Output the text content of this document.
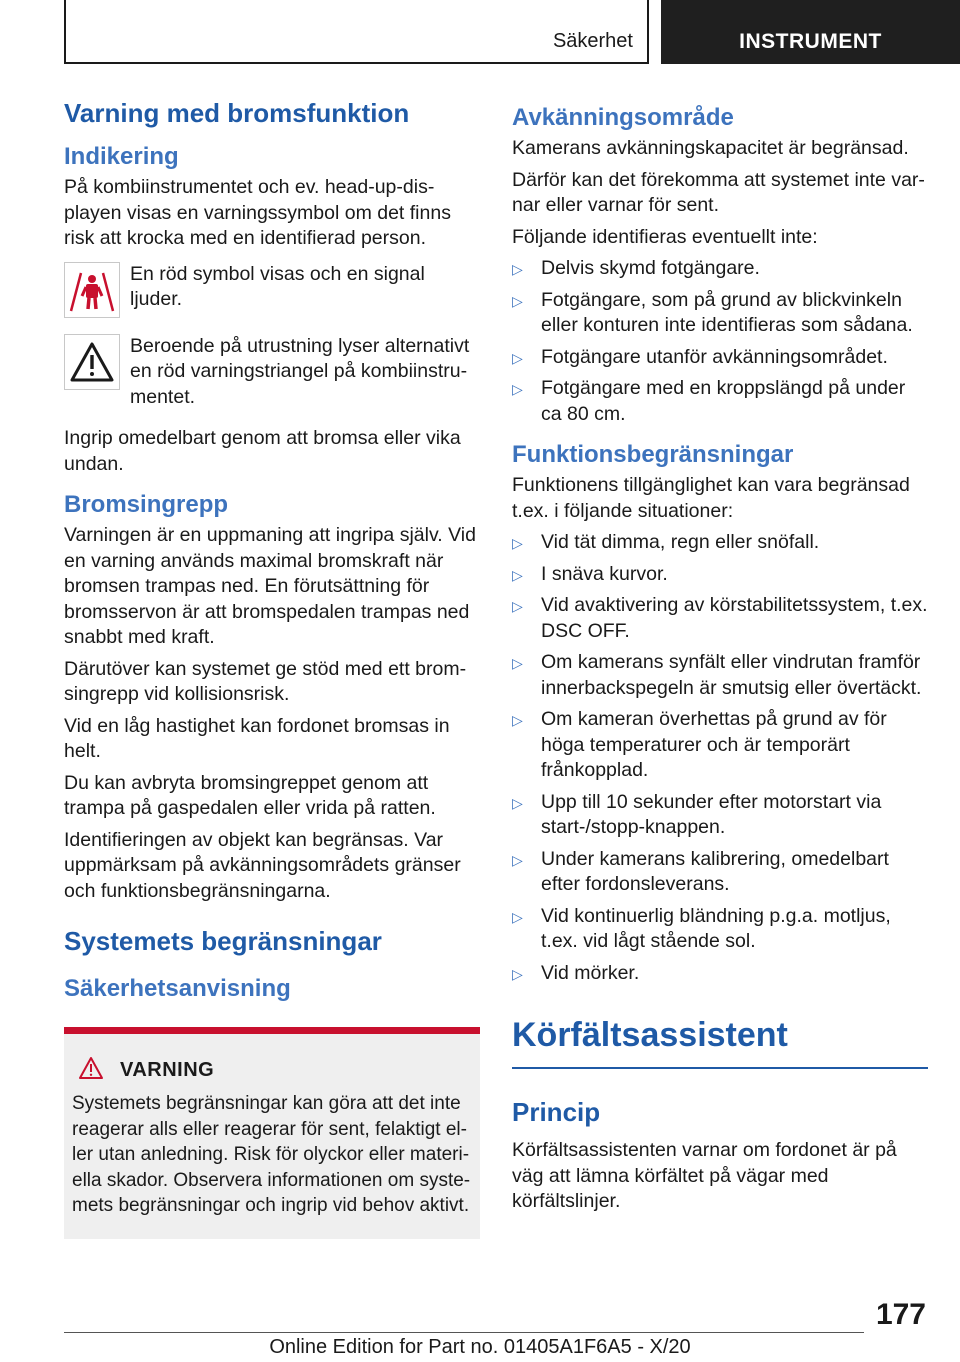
Säkerhet	INSTRUMENT
Varning med bromsfunktion
Indikering

På kombiinstrumentet och ev. head-up-displayen visas en varningssymbol om det finns risk att krocka med en identifierad person.

En röd symbol visas och en signal ljuder.

Beroende på utrustning lyser alternativt en röd varningstriangel på kombiinstrumentet.

Ingrip omedelbart genom att bromsa eller vika undan.

Bromsingrepp

Varningen är en uppmaning att ingripa själv. Vid en varning används maximal bromskraft när bromsen trampas ned. En förutsättning för bromsservon är att bromspedalen trampas ned snabbt med kraft.

Därutöver kan systemet ge stöd med ett bromsingrepp vid kollisionsrisk.

Vid en låg hastighet kan fordonet bromsas in helt.

Du kan avbryta bromsingreppet genom att trampa på gaspedalen eller vrida på ratten.

Identifieringen av objekt kan begränsas. Var uppmärksam på avkänningsområdets gränser och funktionsbegränsningarna.

Systemets begränsningar
Säkerhetsanvisning
VARNING

Systemets begränsningar kan göra att det inte reagerar alls eller reagerar för sent, felaktigt eller utan anledning. Risk för olyckor eller materiella skador. Observera informationen om systemets begränsningar och ingrip vid behov aktivt.

Avkänningsområde

Kamerans avkänningskapacitet är begränsad.

Därför kan det förekomma att systemet inte varnar eller varnar för sent.

Följande identifieras eventuellt inte:

▷ Delvis skymd fotgängare.
▷ Fotgängare, som på grund av blickvinkeln eller konturen inte identifieras som sådana.
▷ Fotgängare utanför avkänningsområdet.
▷ Fotgängare med en kroppslängd på under ca 80 cm.
Funktionsbegränsningar

Funktionens tillgänglighet kan vara begränsad t.ex. i följande situationer:

▷ Vid tät dimma, regn eller snöfall.
▷ I snäva kurvor.
▷ Vid avaktivering av körstabilitetssystem, t.ex. DSC OFF.
▷ Om kamerans synfält eller vindrutan framför innerbackspegeln är smutsig eller övertäckt.
▷ Om kameran överhettas på grund av för höga temperaturer och är temporärt frånkopplad.
▷ Upp till 10 sekunder efter motorstart via start-/stopp-knappen.
▷ Under kamerans kalibrering, omedelbart efter fordonsleverans.
▷ Vid kontinuerlig bländning p.g.a. motljus, t.ex. vid lågt stående sol.
▷ Vid mörker.
Körfältsassistent
Princip

Körfältsassistenten varnar om fordonet är på väg att lämna körfältet på vägar med körfältslinjer.

177
Online Edition for Part no. 01405A1F6A5 - X/20
